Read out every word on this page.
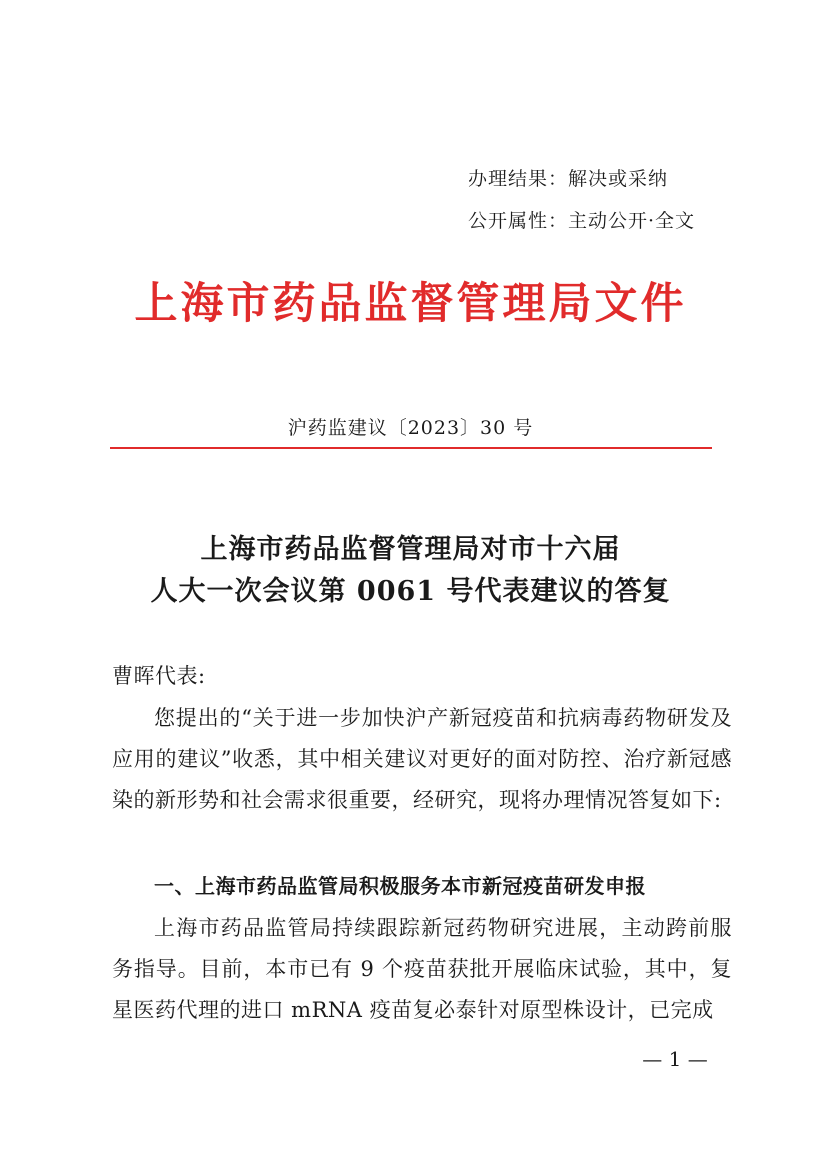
办理结果：解决或采纳
公开属性：主动公开·全文
上海市药品监督管理局文件
沪药监建议〔2023〕30 号
上海市药品监督管理局对市十六届
人大一次会议第 0061 号代表建议的答复
曹晖代表:
您提出的“关于进一步加快沪产新冠疫苗和抗病毒药物研发及应用的建议”收悉，其中相关建议对更好的面对防控、治疗新冠感染的新形势和社会需求很重要，经研究，现将办理情况答复如下:
一、上海市药品监管局积极服务本市新冠疫苗研发申报
上海市药品监管局持续跟踪新冠药物研究进展，主动跨前服务指导。目前，本市已有 9 个疫苗获批开展临床试验，其中，复星医药代理的进口 mRNA 疫苗复必泰针对原型株设计，已完成
— 1 —
